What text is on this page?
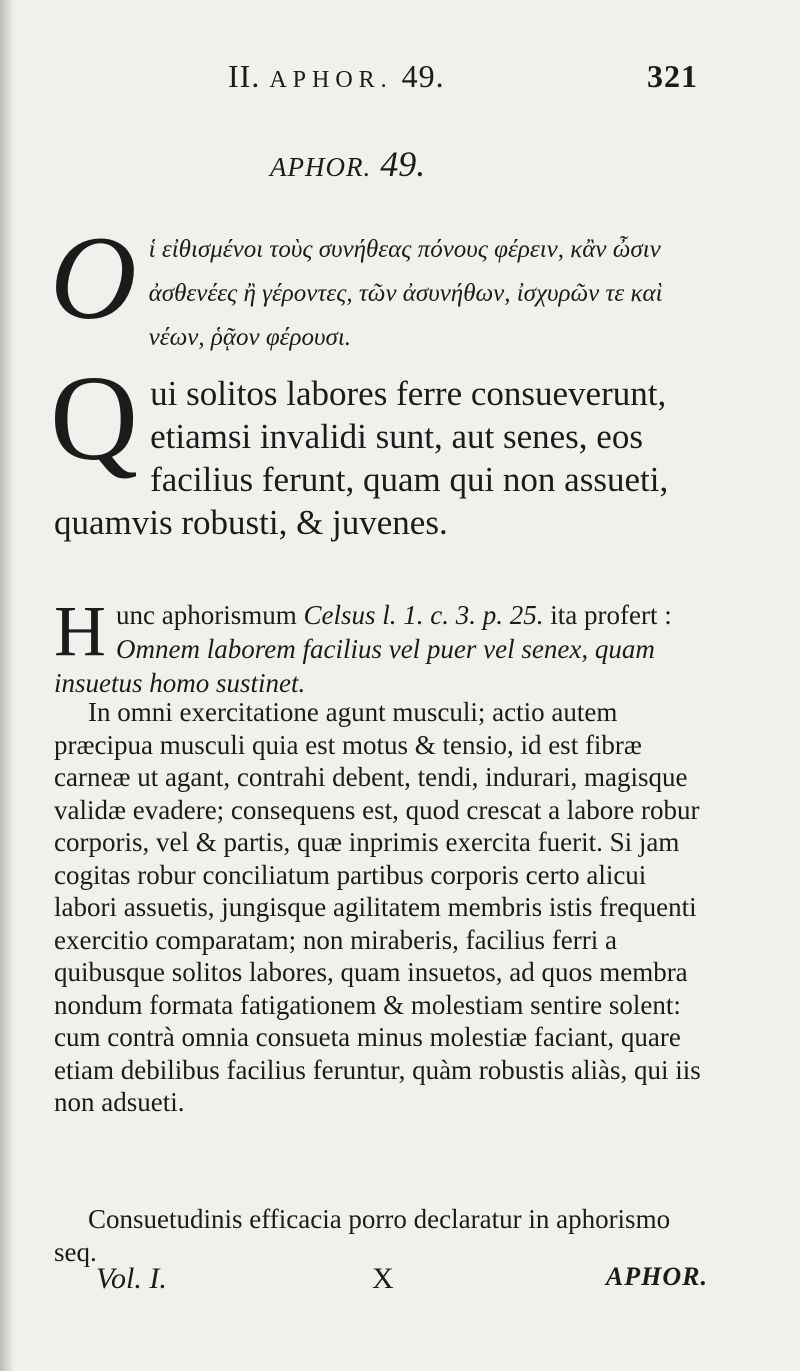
II. APHOR. 49.	321
APHOR. 49.
O ἱ εἰθισμένοι τοὺς συνήθεας πόνους φέρειν, κἂν ὦσιν ἀσθενέες ἢ γέροντες, τῶν ἀσυνήθων, ἰσχυρῶν τε καὶ νέων, ῥᾷον φέρουσι.
Q ui solitos labores ferre consueverunt, etiamsi invalidi sunt, aut senes, eos facilius ferunt, quam qui non assueti, quamvis robusti, & juvenes.
H unc aphorismum Celsus l. 1. c. 3. p. 25. ita profert : Omnem laborem facilius vel puer vel senex, quam insuetus homo sustinet.
In omni exercitatione agunt musculi; actio autem præcipua musculi quia est motus & tensio, id est fibræ carneæ ut agant, contrahi debent, tendi, indurari, magisque validæ evadere; consequens est, quod crescat a labore robur corporis, vel & partis, quæ inprimis exercita fuerit. Si jam cogitas robur conciliatum partibus corporis certo alicui labori assuetis, jungisque agilitatem membris istis frequenti exercitio comparatam; non miraberis, facilius ferri a quibusque solitos labores, quam insuetos, ad quos membra nondum formata fatigationem & molestiam sentire solent: cum contrà omnia consueta minus molestiæ faciant, quare etiam debilibus facilius feruntur, quàm robustis aliàs, qui iis non adsueti.
Consuetudinis efficacia porro declaratur in aphorismo seq.
Vol. I.	X	APHOR.
